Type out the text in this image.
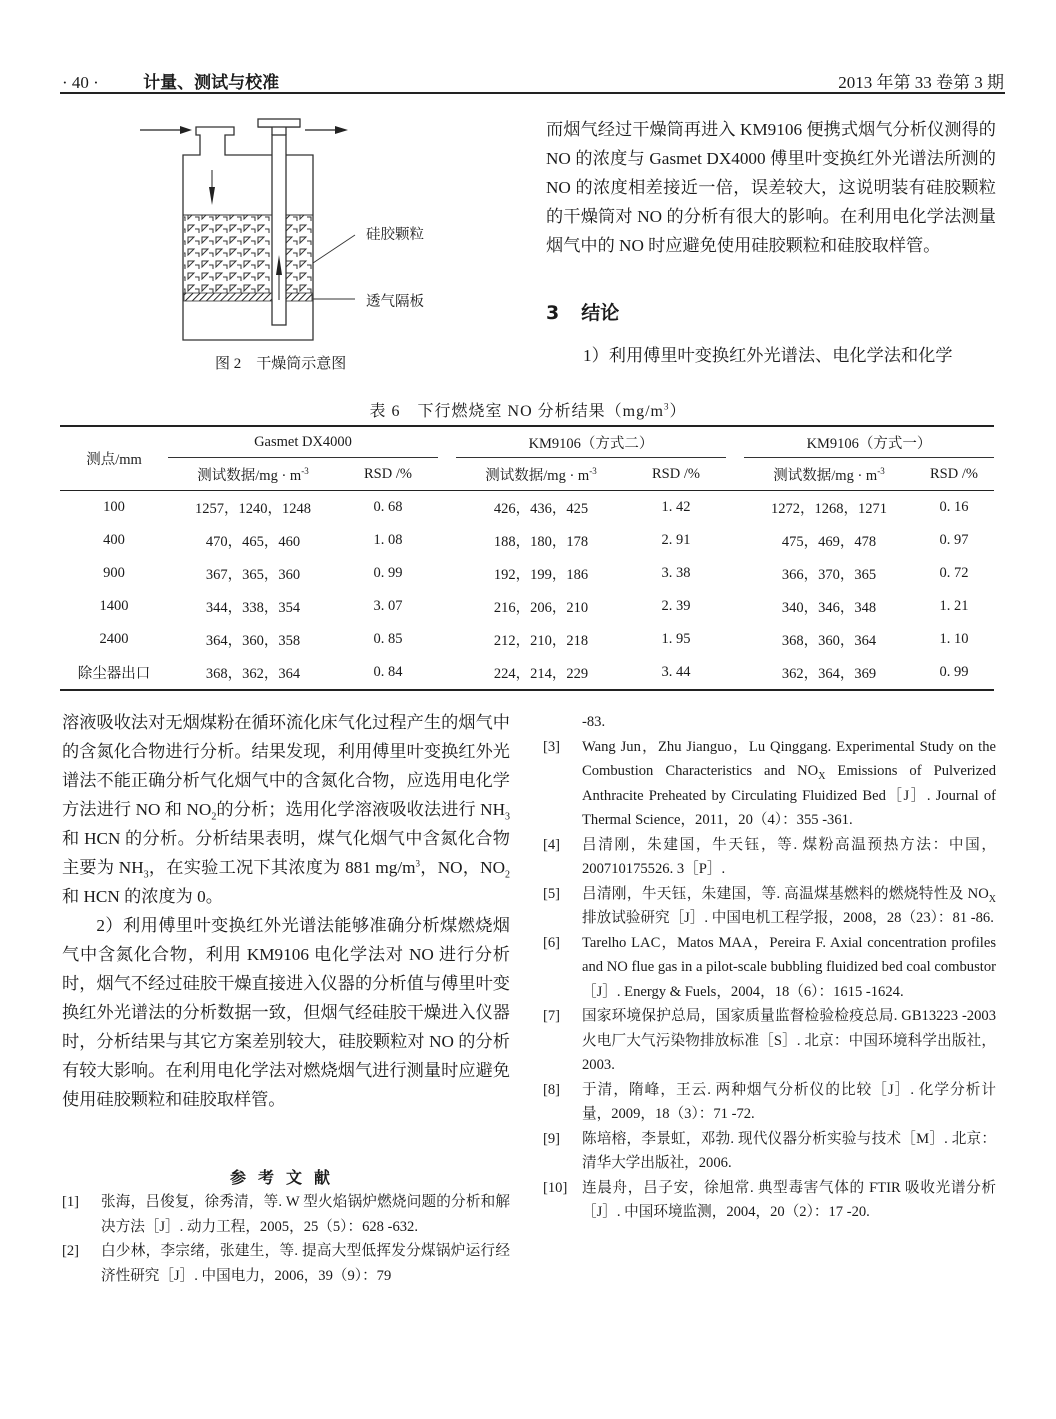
· 40 ·	计量、测试与校准	2013 年第 33 卷第 3 期
硅胶颗粒
透气隔板
图 2　干燥筒示意图

而烟气经过干燥筒再进入 KM9106 便携式烟气分析仪测得的 NO 的浓度与 Gasmet DX4000 傅里叶变换红外光谱法所测的 NO 的浓度相差接近一倍，误差较大，这说明装有硅胶颗粒的干燥筒对 NO 的分析有很大的影响。在利用电化学法测量烟气中的 NO 时应避免使用硅胶颗粒和硅胶取样管。

3 结论
1）利用傅里叶变换红外光谱法、电化学法和化学
表 6　下行燃烧室 NO 分析结果$(mg/m^3)$
测点/mm	Gasmet DX4000			KM9106（方式二）			KM9106（方式一）	
	测试数据$/mg \cdot m^{-3}$	RSD /%		测试数据$/mg \cdot m^{-3}$	RSD /%		测试数据$/mg \cdot m^{-3}$	RSD /%
100	1257，1240，1248	0. 68		426，436，425	1. 42		1272，1268，1271	0. 16
400	470，465，460	1. 08		188，180，178	2. 91		475，469，478	0. 97
900	367，365，360	0. 99		192，199，186	3. 38		366，370，365	0. 72
1400	344，338，354	3. 07		216，206，210	2. 39		340，346，348	1. 21
2400	364，360，358	0. 85		212，210，218	1. 95		368，360，364	1. 10
除尘器出口	368，362，364	0. 84		224，214，229	3. 44		362，364，369	0. 99

溶液吸收法对无烟煤粉在循环流化床气化过程产生的烟气中的含氮化合物进行分析。结果发现，利用傅里叶变换红外光谱法不能正确分析气化烟气中的含氮化合物，应选用电化学方法进行 NO 和 $NO_2$的分析；选用化学溶液吸收法进行 $NH_3$和 HCN 的分析。分析结果表明，煤气化烟气中含氮化合物主要为 $NH_3$，在实验工况下其浓度为 881 $mg/m^3$，NO，$NO_2$ 和 HCN 的浓度为 0。

2）利用傅里叶变换红外光谱法能够准确分析煤燃烧烟气中含氮化合物，利用 KM9106 电化学法对 NO 进行分析时，烟气不经过硅胶干燥直接进入仪器的分析值与傅里叶变换红外光谱法的分析数据一致，但烟气经硅胶干燥进入仪器时，分析结果与其它方案差别较大，硅胶颗粒对 NO 的分析有较大影响。在利用电化学法对燃烧烟气进行测量时应避免使用硅胶颗粒和硅胶取样管。

参考文献
[1]	张海，吕俊复，徐秀清，等. W 型火焰锅炉燃烧问题的分析和解决方法［J］. 动力工程，2005，25（5）：628 -632.
[2]	白少林，李宗绪，张建生，等. 提高大型低挥发分煤锅炉运行经济性研究［J］. 中国电力，2006，39（9）：79
-83.
[3]	Wang Jun，Zhu Jianguo，Lu Qinggang. Experimental Study on the Combustion Characteristics and $NO_X$ Emissions of Pulverized Anthracite Preheated by Circulating Fluidized Bed［J］. Journal of Thermal Science，2011，20（4）：355 -361.
[4]	吕清刚，朱建国，牛天钰，等. 煤粉高温预热方法：中国，200710175526. 3［P］.
[5]	吕清刚，牛天钰，朱建国，等. 高温煤基燃料的燃烧特性及 $NO_X$排放试验研究［J］. 中国电机工程学报，2008，28（23）：81 -86.
[6]	Tarelho LAC，Matos MAA，Pereira F. Axial concentration profiles and NO flue gas in a pilot-scale bubbling fluidized bed coal combustor［J］. Energy & Fuels，2004，18（6）：1615 -1624.
[7]	国家环境保护总局，国家质量监督检验检疫总局. GB13223 -2003 火电厂大气污染物排放标准［S］. 北京：中国环境科学出版社，2003.
[8]	于清，隋峰，王云. 两种烟气分析仪的比较［J］. 化学分析计量，2009，18（3）：71 -72.
[9]	陈培榕，李景虹，邓勃. 现代仪器分析实验与技术［M］. 北京：清华大学出版社，2006.
[10]	连晨舟，吕子安，徐旭常. 典型毒害气体的 FTIR 吸收光谱分析［J］. 中国环境监测，2004，20（2）：17 -20.
